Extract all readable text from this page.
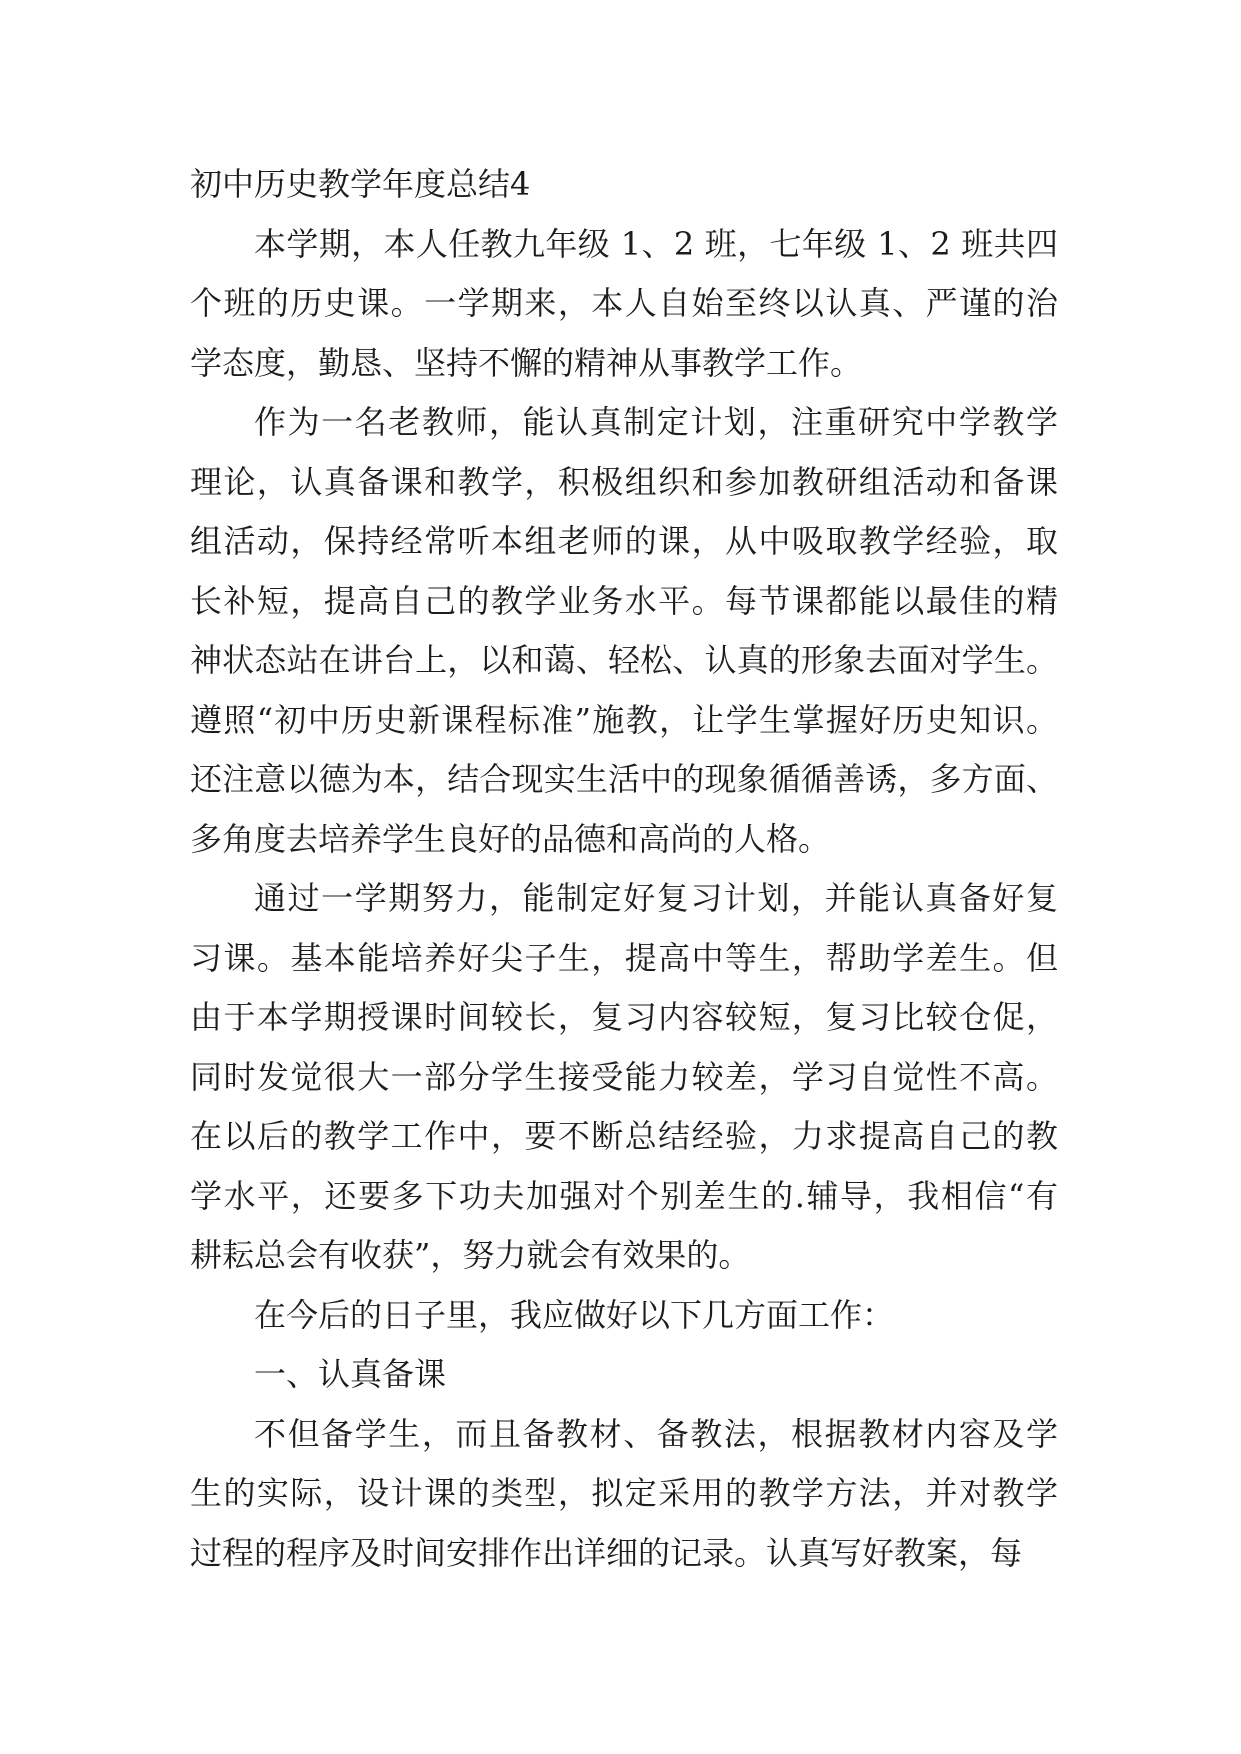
初中历史教学年度总结4
本学期，本人任教九年级 1、2 班，七年级 1、2 班共四
个班的历史课。一学期来，本人自始至终以认真、严谨的治
学态度，勤恳、坚持不懈的精神从事教学工作。
作为一名老教师，能认真制定计划，注重研究中学教学
理论，认真备课和教学，积极组织和参加教研组活动和备课
组活动，保持经常听本组老师的课，从中吸取教学经验，取
长补短，提高自己的教学业务水平。每节课都能以最佳的精
神状态站在讲台上，以和蔼、轻松、认真的形象去面对学生。
遵照“初中历史新课程标准”施教，让学生掌握好历史知识。
还注意以德为本，结合现实生活中的现象循循善诱，多方面、
多角度去培养学生良好的品德和高尚的人格。
通过一学期努力，能制定好复习计划，并能认真备好复
习课。基本能培养好尖子生，提高中等生，帮助学差生。但
由于本学期授课时间较长，复习内容较短，复习比较仓促，
同时发觉很大一部分学生接受能力较差，学习自觉性不高。
在以后的教学工作中，要不断总结经验，力求提高自己的教
学水平，还要多下功夫加强对个别差生的.辅导，我相信“有
耕耘总会有收获”，努力就会有效果的。
在今后的日子里，我应做好以下几方面工作：
一、认真备课
不但备学生，而且备教材、备教法，根据教材内容及学
生的实际，设计课的类型，拟定采用的教学方法，并对教学
过程的程序及时间安排作出详细的记录。认真写好教案，每
